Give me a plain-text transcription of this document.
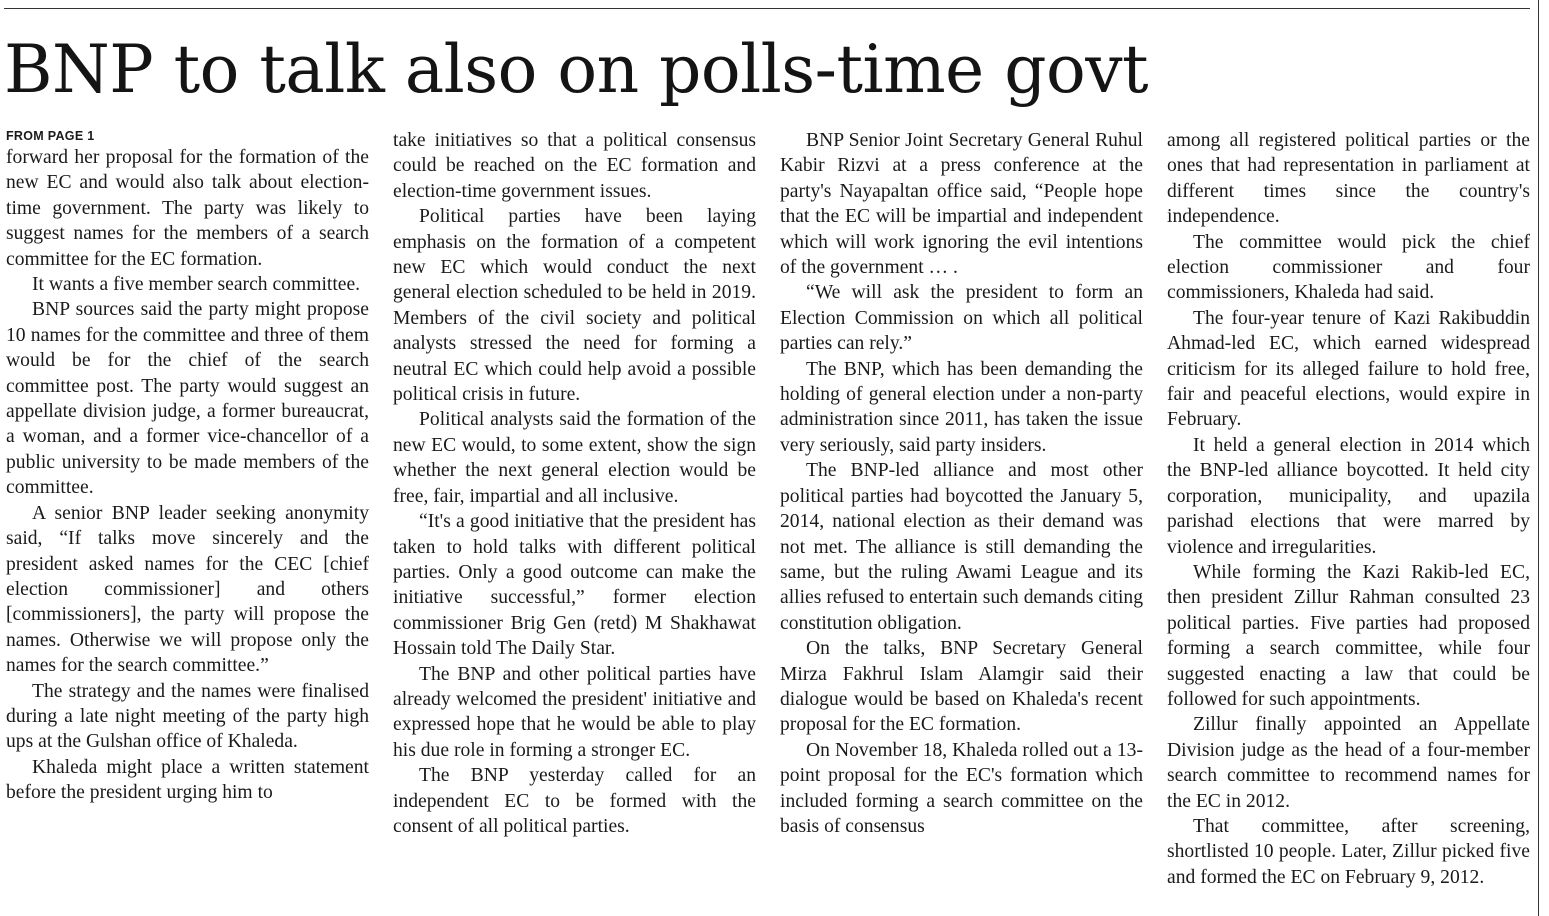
BNP to talk also on polls-time govt
FROM PAGE 1

forward her proposal for the formation of the new EC and would also talk about election-time government. The party was likely to suggest names for the members of a search committee for the EC formation.

It wants a five member search committee.

BNP sources said the party might propose 10 names for the committee and three of them would be for the chief of the search committee post. The party would suggest an appellate division judge, a former bureaucrat, a woman, and a former vice-chancellor of a public university to be made members of the committee.

A senior BNP leader seeking anonymity said, “If talks move sincerely and the president asked names for the CEC [chief election commissioner] and others [commissioners], the party will propose the names. Otherwise we will propose only the names for the search committee.”

The strategy and the names were finalised during a late night meeting of the party high ups at the Gulshan office of Khaleda.

Khaleda might place a written statement before the president urging him to

take initiatives so that a political consensus could be reached on the EC formation and election-time government issues.

Political parties have been laying emphasis on the formation of a competent new EC which would conduct the next general election scheduled to be held in 2019. Members of the civil society and political analysts stressed the need for forming a neutral EC which could help avoid a possible political crisis in future.

Political analysts said the formation of the new EC would, to some extent, show the sign whether the next general election would be free, fair, impartial and all inclusive.

“It's a good initiative that the president has taken to hold talks with different political parties. Only a good outcome can make the initiative successful,” former election commissioner Brig Gen (retd) M Shakhawat Hossain told The Daily Star.

The BNP and other political parties have already welcomed the president' initiative and expressed hope that he would be able to play his due role in forming a stronger EC.

The BNP yesterday called for an independent EC to be formed with the consent of all political parties.

BNP Senior Joint Secretary General Ruhul Kabir Rizvi at a press conference at the party's Nayapaltan office said, “People hope that the EC will be impartial and independent which will work ignoring the evil intentions of the government … .

“We will ask the president to form an Election Commission on which all political parties can rely.”

The BNP, which has been demanding the holding of general election under a non-party administration since 2011, has taken the issue very seriously, said party insiders.

The BNP-led alliance and most other political parties had boycotted the January 5, 2014, national election as their demand was not met. The alliance is still demanding the same, but the ruling Awami League and its allies refused to entertain such demands citing constitution obligation.

On the talks, BNP Secretary General Mirza Fakhrul Islam Alamgir said their dialogue would be based on Khaleda's recent proposal for the EC formation.

On November 18, Khaleda rolled out a 13-point proposal for the EC's formation which included forming a search committee on the basis of consensus

among all registered political parties or the ones that had representation in parliament at different times since the country's independence.

The committee would pick the chief election commissioner and four commissioners, Khaleda had said.

The four-year tenure of Kazi Rakibuddin Ahmad-led EC, which earned widespread criticism for its alleged failure to hold free, fair and peaceful elections, would expire in February.

It held a general election in 2014 which the BNP-led alliance boycotted. It held city corporation, municipality, and upazila parishad elections that were marred by violence and irregularities.

While forming the Kazi Rakib-led EC, then president Zillur Rahman consulted 23 political parties. Five parties had proposed forming a search committee, while four suggested enacting a law that could be followed for such appointments.

Zillur finally appointed an Appellate Division judge as the head of a four-member search committee to recommend names for the EC in 2012.

That committee, after screening, shortlisted 10 people. Later, Zillur picked five and formed the EC on February 9, 2012.
